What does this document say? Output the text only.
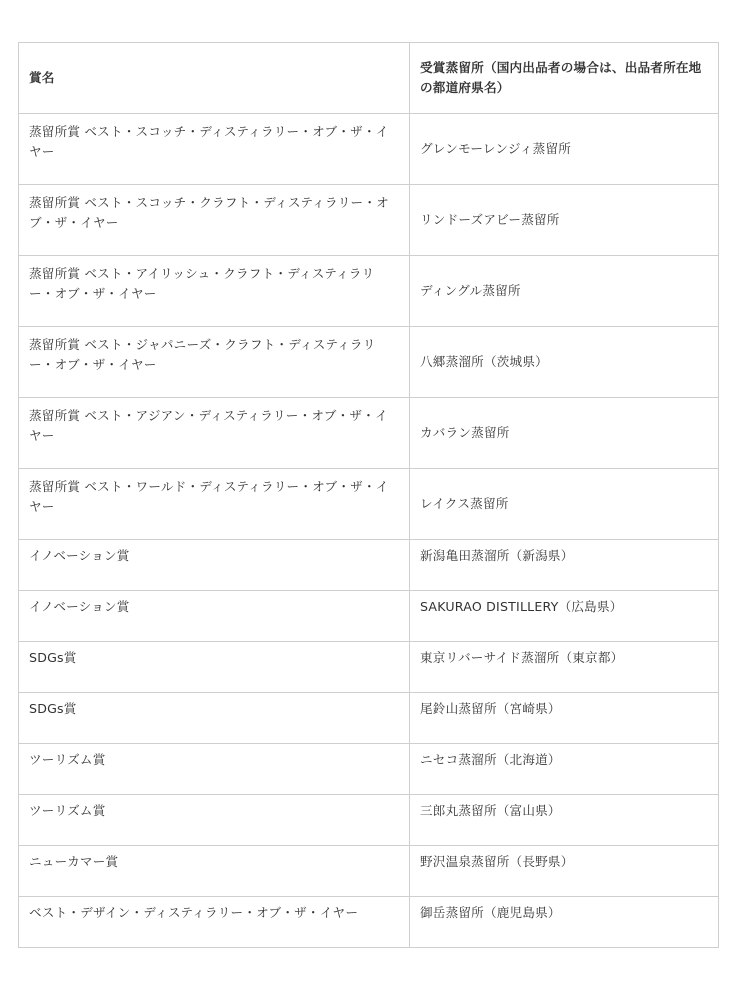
賞名	受賞蒸留所（国内出品者の場合は、出品者所在地の都道府県名）
蒸留所賞 ベスト・スコッチ・ディスティラリー・オブ・ザ・イヤー	グレンモーレンジィ蒸留所
蒸留所賞 ベスト・スコッチ・クラフト・ディスティラリー・オブ・ザ・イヤー	リンドーズアビー蒸留所
蒸留所賞 ベスト・アイリッシュ・クラフト・ディスティラリー・オブ・ザ・イヤー	ディングル蒸留所
蒸留所賞 ベスト・ジャパニーズ・クラフト・ディスティラリー・オブ・ザ・イヤー	八郷蒸溜所（茨城県）
蒸留所賞 ベスト・アジアン・ディスティラリー・オブ・ザ・イヤー	カバラン蒸留所
蒸留所賞 ベスト・ワールド・ディスティラリー・オブ・ザ・イヤー	レイクス蒸留所
イノベーション賞	新潟亀田蒸溜所（新潟県）
イノベーション賞	SAKURAO DISTILLERY（広島県）
SDGs賞	東京リバーサイド蒸溜所（東京都）
SDGs賞	尾鈴山蒸留所（宮崎県）
ツーリズム賞	ニセコ蒸溜所（北海道）
ツーリズム賞	三郎丸蒸留所（富山県）
ニューカマー賞	野沢温泉蒸留所（長野県）
ベスト・デザイン・ディスティラリー・オブ・ザ・イヤー	御岳蒸留所（鹿児島県）
